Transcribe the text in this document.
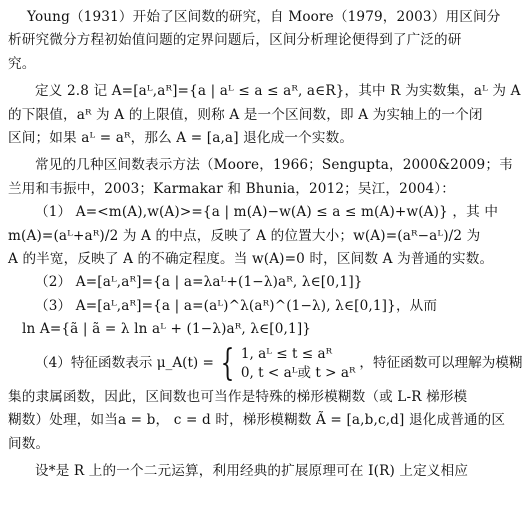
Young（1931）开始了区间数的研究，自 Moore（1979，2003）用区间分
析研究微分方程初始值问题的定界问题后，区间分析理论便得到了广泛的研
究。
定义 2.8 记 A=[aᴸ,aᴿ]={a | aᴸ ≤ a ≤ aᴿ, a∈R}，其中 R 为实数集，aᴸ 为 A
的下限值，aᴿ 为 A 的上限值，则称 A 是一个区间数，即 A 为实轴上的一个闭
区间；如果 aᴸ = aᴿ，那么 A = [a,a] 退化成一个实数。
常见的几种区间数表示方法（Moore，1966；Sengupta，2000&2009；韦
兰用和韦振中，2003；Karmakar 和 Bhunia，2012；吴江，2004）：
（1） A=<m(A),w(A)>={a | m(A)−w(A) ≤ a ≤ m(A)+w(A)} ，其 中
m(A)=(aᴸ+aᴿ)/2 为 A 的中点，反映了 A 的位置大小；w(A)=(aᴿ−aᴸ)/2 为
A 的半宽，反映了 A 的不确定程度。当 w(A)=0 时，区间数 A 为普通的实数。
（2） A=[aᴸ,aᴿ]={a | a=λaᴸ+(1−λ)aᴿ, λ∈[0,1]}
（3） A=[aᴸ,aᴿ]={a | a=(aᴸ)^λ(aᴿ)^(1−λ), λ∈[0,1]}，从而
ln A={ã | ã = λ ln aᴸ + (1−λ)aᴿ, λ∈[0,1]}
（4）特征函数表示 μ_A(t) = { 1, aᴸ ≤ t ≤ aᴿ
0, t < aᴸ或 t > aᴿ
，特征函数可以理解为模糊
集的隶属函数，因此，区间数也可当作是特殊的梯形模糊数（或 L-R 梯形模
糊数）处理，如当a = b， c = d 时，梯形模糊数 Ã = [a,b,c,d] 退化成普通的区
间数。
设*是 R 上的一个二元运算，利用经典的扩展原理可在 I(R) 上定义相应
